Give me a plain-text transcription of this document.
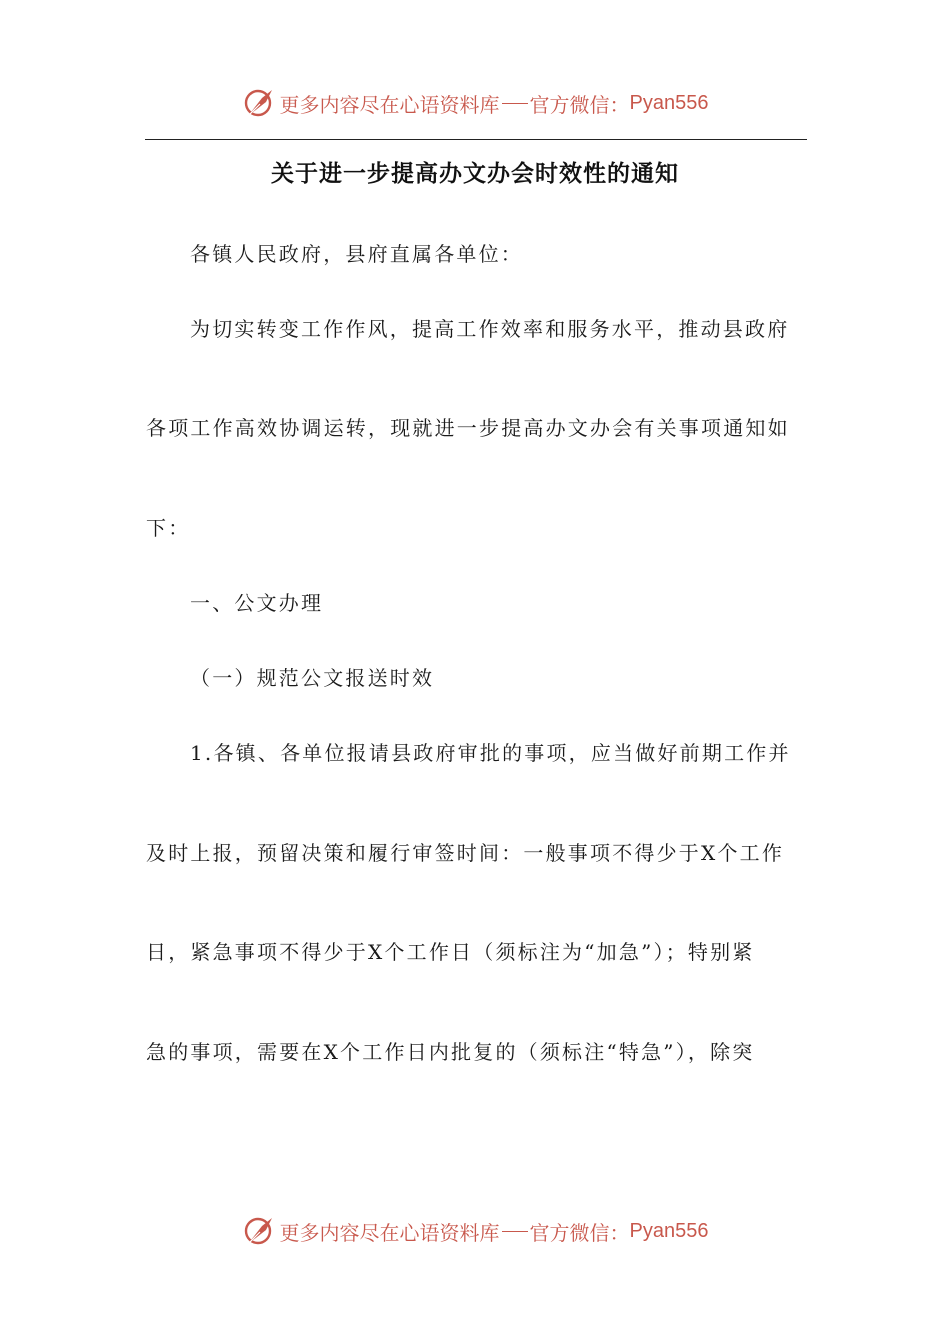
更多内容尽在心语资料库 官方微信： Pyan556
关于进一步提高办文办会时效性的通知
各镇人民政府，县府直属各单位：
为切实转变工作作风，提高工作效率和服务水平，推动县政府
各项工作高效协调运转，现就进一步提高办文办会有关事项通知如
下：
一、公文办理
（一）规范公文报送时效
1.各镇、各单位报请县政府审批的事项，应当做好前期工作并
及时上报，预留决策和履行审签时间：一般事项不得少于X个工作
日，紧急事项不得少于X个工作日（须标注为“加急”）；特别紧
急的事项，需要在X个工作日内批复的（须标注“特急”），除突
更多内容尽在心语资料库 官方微信： Pyan556
